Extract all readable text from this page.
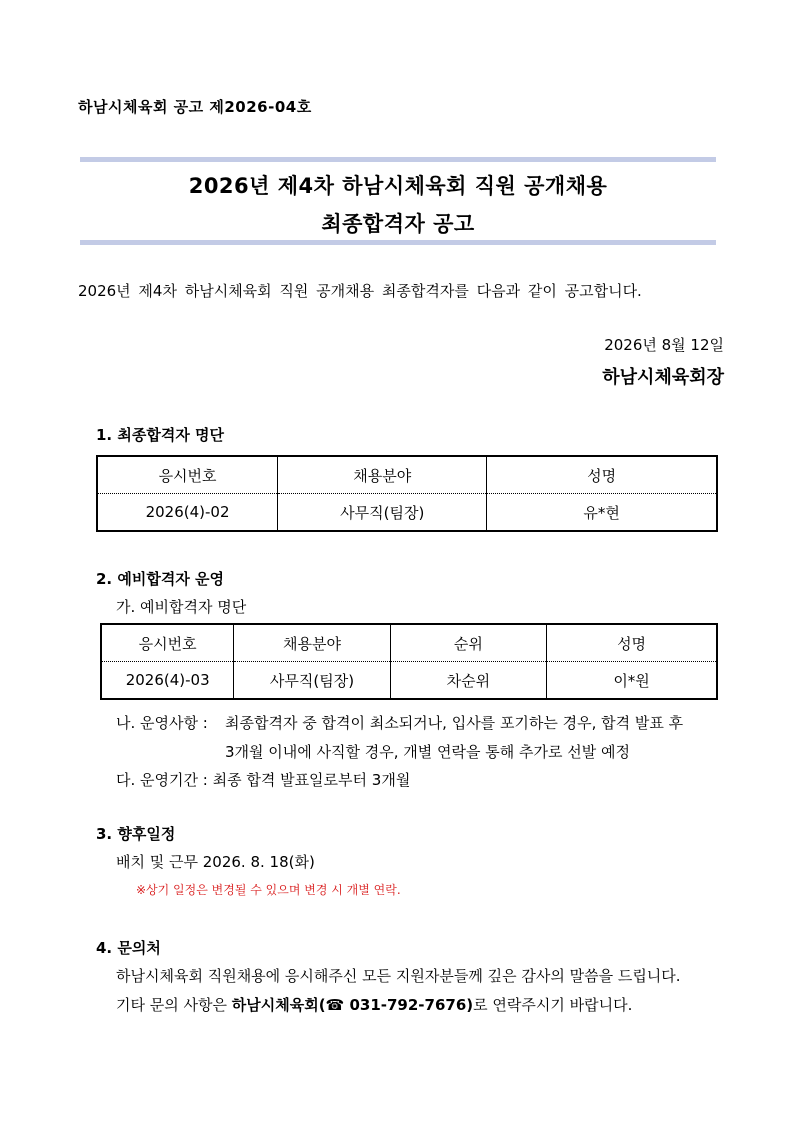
하남시체육회 공고 제2026-04호
2026년 제4차 하남시체육회 직원 공개채용
최종합격자 공고
2026년 제4차 하남시체육회 직원 공개채용 최종합격자를 다음과 같이 공고합니다.
2026년 8월 12일
하남시체육회장
1. 최종합격자 명단
응시번호	채용분야	성명
2026(4)-02	사무직(팀장)	유*현
2. 예비합격자 운영
가. 예비합격자 명단
응시번호	채용분야	순위	성명
2026(4)-03	사무직(팀장)	차순위	이*원
나. 운영사항 : 최종합격자 중 합격이 최소되거나, 입사를 포기하는 경우, 합격 발표 후
3개월 이내에 사직할 경우, 개별 연락을 통해 추가로 선발 예정
다. 운영기간 : 최종 합격 발표일로부터 3개월
3. 향후일정
배치 및 근무 2026. 8. 18(화)
※상기 일정은 변경될 수 있으며 변경 시 개별 연락.
4. 문의처
하남시체육회 직원채용에 응시해주신 모든 지원자분들께 깊은 감사의 말씀을 드립니다.
기타 문의 사항은 하남시체육회(☎ 031-792-7676)로 연락주시기 바랍니다.
